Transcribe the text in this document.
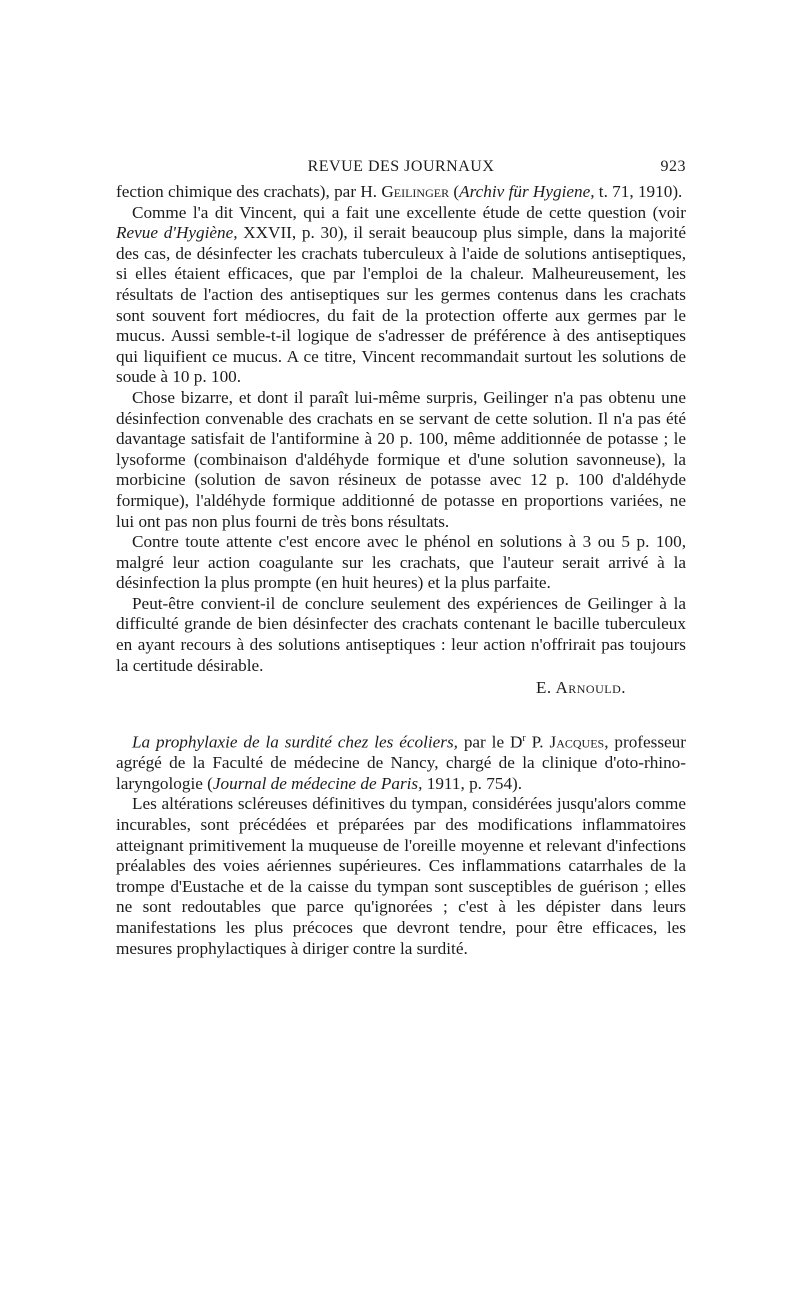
REVUE DES JOURNAUX	923

fection chimique des crachats), par H. Geilinger (Archiv für Hygiene, t. 71, 1910).

Comme l'a dit Vincent, qui a fait une excellente étude de cette question (voir Revue d'Hygiène, XXVII, p. 30), il serait beaucoup plus simple, dans la majorité des cas, de désinfecter les crachats tuberculeux à l'aide de solutions antiseptiques, si elles étaient efficaces, que par l'emploi de la chaleur. Malheureusement, les résultats de l'action des antiseptiques sur les germes contenus dans les crachats sont souvent fort médiocres, du fait de la protection offerte aux germes par le mucus. Aussi semble-t-il logique de s'adresser de préférence à des antiseptiques qui liquifient ce mucus. A ce titre, Vincent recommandait surtout les solutions de soude à 10 p. 100.

Chose bizarre, et dont il paraît lui-même surpris, Geilinger n'a pas obtenu une désinfection convenable des crachats en se servant de cette solution. Il n'a pas été davantage satisfait de l'antiformine à 20 p. 100, même additionnée de potasse ; le lysoforme (combinaison d'aldéhyde formique et d'une solution savonneuse), la morbicine (solution de savon résineux de potasse avec 12 p. 100 d'aldéhyde formique), l'aldéhyde formique additionné de potasse en proportions variées, ne lui ont pas non plus fourni de très bons résultats.

Contre toute attente c'est encore avec le phénol en solutions à 3 ou 5 p. 100, malgré leur action coagulante sur les crachats, que l'auteur serait arrivé à la désinfection la plus prompte (en huit heures) et la plus parfaite.

Peut-être convient-il de conclure seulement des expériences de Geilinger à la difficulté grande de bien désinfecter des crachats contenant le bacille tuberculeux en ayant recours à des solutions antiseptiques : leur action n'offrirait pas toujours la certitude désirable.

E. Arnould.

La prophylaxie de la surdité chez les écoliers, par le $D^r$ P. Jacques, professeur agrégé de la Faculté de médecine de Nancy, chargé de la clinique d'oto-rhino-laryngologie (Journal de médecine de Paris, 1911, p. 754).

Les altérations scléreuses définitives du tympan, considérées jusqu'alors comme incurables, sont précédées et préparées par des modifications inflammatoires atteignant primitivement la muqueuse de l'oreille moyenne et relevant d'infections préalables des voies aériennes supérieures. Ces inflammations catarrhales de la trompe d'Eustache et de la caisse du tympan sont susceptibles de guérison ; elles ne sont redoutables que parce qu'ignorées ; c'est à les dépister dans leurs manifestations les plus précoces que devront tendre, pour être efficaces, les mesures prophylactiques à diriger contre la surdité.
